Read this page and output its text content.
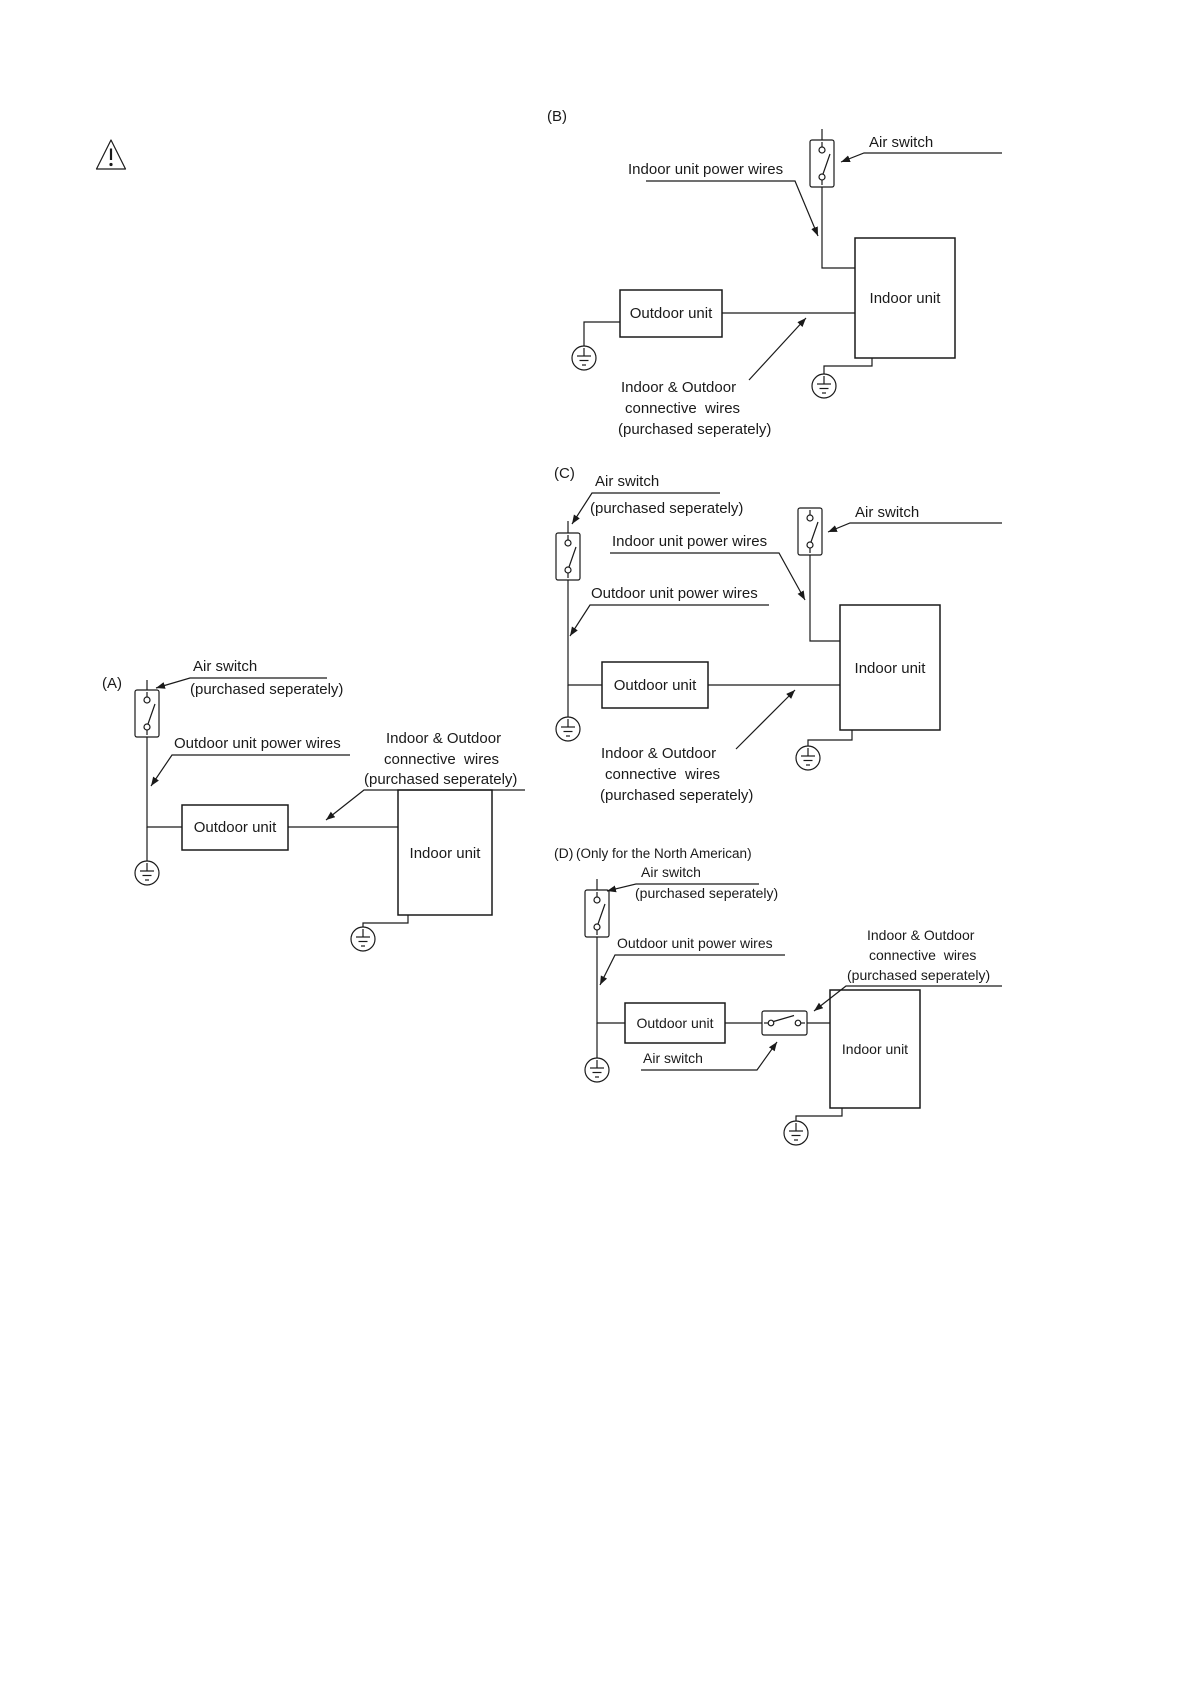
(B)
Air switch
Indoor unit power wires
Outdoor unit
Indoor unit
Indoor & Outdoor
connective  wires
(purchased seperately)
(C) Air switch
(purchased seperately)	Air switch
Indoor unit power wires
Outdoor unit power wires
Outdoor unit
Indoor unit
Indoor & Outdoor
connective  wires
(purchased seperately)
(A)
Air switch
(purchased seperately)
Outdoor unit power wires
Outdoor unit
Indoor unit
Indoor & Outdoor
connective  wires
(purchased seperately)
(D) (Only for the North American)
Air switch
(purchased seperately)
Outdoor unit power wires
Outdoor unit
Indoor unit
Indoor & Outdoor
connective  wires
(purchased seperately)
Air switch
